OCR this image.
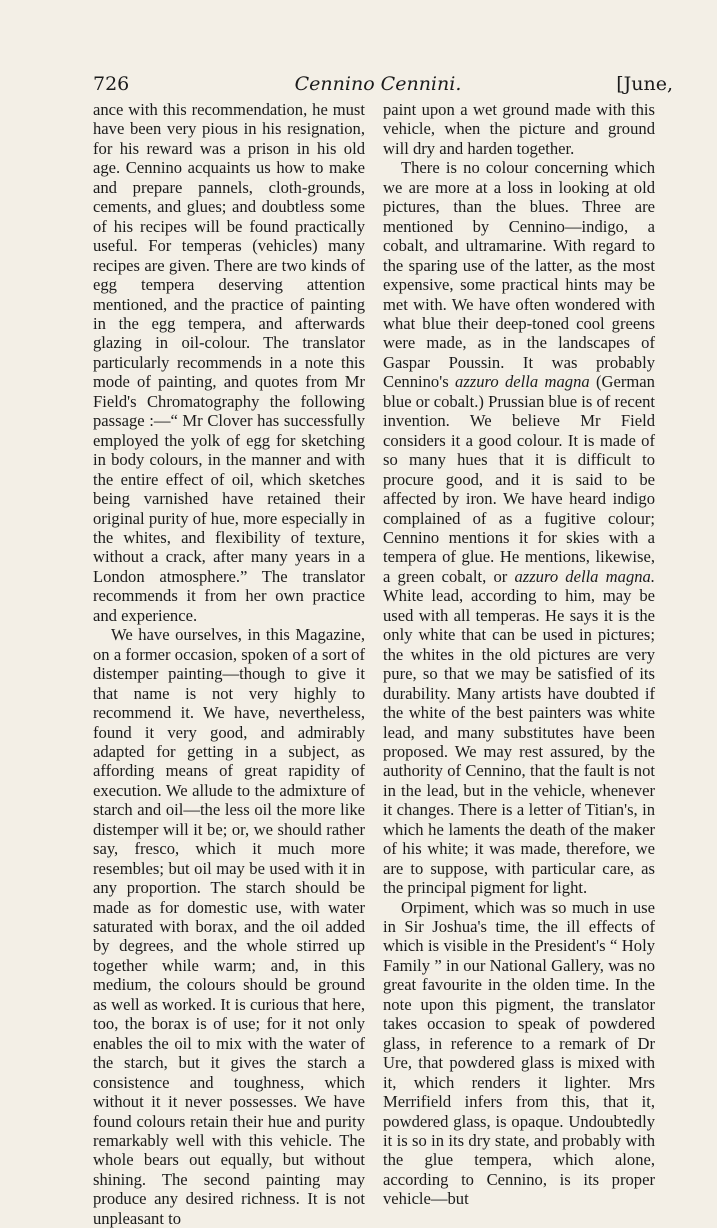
726	Cennino Cennini.	[June,

ance with this recommendation, he must have been very pious in his resignation, for his reward was a prison in his old age. Cennino acquaints us how to make and prepare pannels, cloth-grounds, cements, and glues; and doubtless some of his recipes will be found practically useful. For temperas (vehicles) many recipes are given. There are two kinds of egg tempera deserving attention mentioned, and the practice of painting in the egg tempera, and afterwards glazing in oil-colour. The translator particularly recommends in a note this mode of painting, and quotes from Mr Field's Chromatography the following passage :—“ Mr Clover has successfully employed the yolk of egg for sketching in body colours, in the manner and with the entire effect of oil, which sketches being varnished have retained their original purity of hue, more especially in the whites, and flexibility of texture, without a crack, after many years in a London atmosphere.” The translator recommends it from her own practice and experience.

We have ourselves, in this Magazine, on a former occasion, spoken of a sort of distemper painting—though to give it that name is not very highly to recommend it. We have, nevertheless, found it very good, and admirably adapted for getting in a subject, as affording means of great rapidity of execution. We allude to the admixture of starch and oil—the less oil the more like distemper will it be; or, we should rather say, fresco, which it much more resembles; but oil may be used with it in any proportion. The starch should be made as for domestic use, with water saturated with borax, and the oil added by degrees, and the whole stirred up together while warm; and, in this medium, the colours should be ground as well as worked. It is curious that here, too, the borax is of use; for it not only enables the oil to mix with the water of the starch, but it gives the starch a consistence and toughness, which without it it never possesses. We have found colours retain their hue and purity remarkably well with this vehicle. The whole bears out equally, but without shining. The second painting may produce any desired richness. It is not unpleasant to

paint upon a wet ground made with this vehicle, when the picture and ground will dry and harden together.

There is no colour concerning which we are more at a loss in looking at old pictures, than the blues. Three are mentioned by Cennino—indigo, a cobalt, and ultramarine. With regard to the sparing use of the latter, as the most expensive, some practical hints may be met with. We have often wondered with what blue their deep-toned cool greens were made, as in the landscapes of Gaspar Poussin. It was probably Cennino's azzuro della magna (German blue or cobalt.) Prussian blue is of recent invention. We believe Mr Field considers it a good colour. It is made of so many hues that it is difficult to procure good, and it is said to be affected by iron. We have heard indigo complained of as a fugitive colour; Cennino mentions it for skies with a tempera of glue. He mentions, likewise, a green cobalt, or azzuro della magna. White lead, according to him, may be used with all temperas. He says it is the only white that can be used in pictures; the whites in the old pictures are very pure, so that we may be satisfied of its durability. Many artists have doubted if the white of the best painters was white lead, and many substitutes have been proposed. We may rest assured, by the authority of Cennino, that the fault is not in the lead, but in the vehicle, whenever it changes. There is a letter of Titian's, in which he laments the death of the maker of his white; it was made, therefore, we are to suppose, with particular care, as the principal pigment for light.

Orpiment, which was so much in use in Sir Joshua's time, the ill effects of which is visible in the President's “ Holy Family ” in our National Gallery, was no great favourite in the olden time. In the note upon this pigment, the translator takes occasion to speak of powdered glass, in reference to a remark of Dr Ure, that powdered glass is mixed with it, which renders it lighter. Mrs Merrifield infers from this, that it, powdered glass, is opaque. Undoubtedly it is so in its dry state, and probably with the glue tempera, which alone, according to Cennino, is its proper vehicle—but
